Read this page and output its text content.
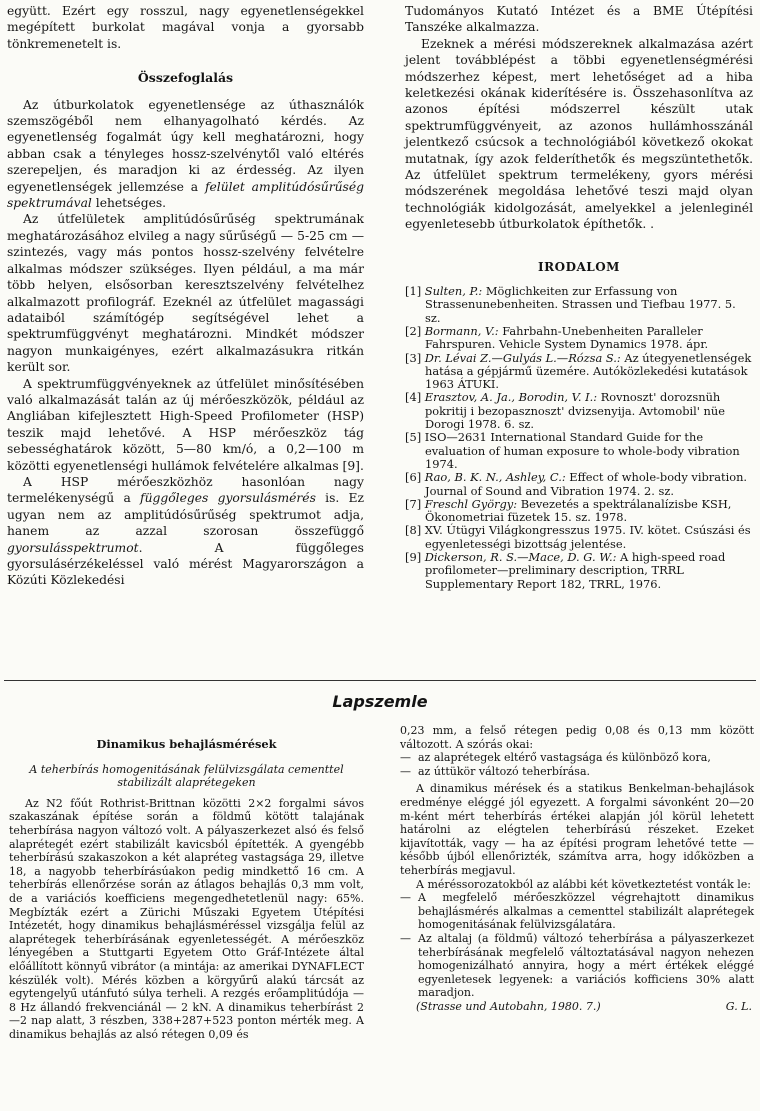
együtt. Ezért egy rosszul, nagy egyenetlenségekkel megépített burkolat magával vonja a gyorsabb tönkremenetelt is.

Összefoglalás

Az útburkolatok egyenetlensége az úthasználók szemszögéből nem elhanyagolható kérdés. Az egyenetlenség fogalmát úgy kell meghatározni, hogy abban csak a tényleges hossz-szelvénytől való eltérés szerepeljen, és maradjon ki az érdesség. Az ilyen egyenetlenségek jellemzése a felület amplitúdósűrűség spektrumával lehetséges.

Az útfelületek amplitúdósűrűség spektrumának meghatározásához elvileg a nagy sűrűségű — 5-25 cm — szintezés, vagy más pontos hossz-szelvény felvételre alkalmas módszer szükséges. Ilyen például, a ma már több helyen, elsősorban keresztszelvény felvételhez alkalmazott profilográf. Ezeknél az útfelület magassági adataiból számítógép segítségével lehet a spektrumfüggvényt meghatározni. Mindkét módszer nagyon munkaigényes, ezért alkalmazásukra ritkán került sor.

A spektrumfüggvényeknek az útfelület minősítésében való alkalmazását talán az új mérőeszközök, például az Angliában kifejlesztett High-Speed Profilometer (HSP) teszik majd lehetővé. A HSP mérőeszköz tág sebességhatárok között, 5—80 km/ó, a 0,2—100 m közötti egyenetlenségi hullámok felvételére alkalmas [9].

A HSP mérőeszközhöz hasonlóan nagy termelékenységű a függőleges gyorsulásmérés is. Ez ugyan nem az amplitúdósűrűség spektrumot adja, hanem az azzal szorosan összefüggő gyorsulásspektrumot. A függőleges gyorsulásérzékeléssel való mérést Magyarországon a Közúti Közlekedési

Tudományos Kutató Intézet és a BME Útépítési Tanszéke alkalmazza.

Ezeknek a mérési módszereknek alkalmazása azért jelent továbblépést a többi egyenetlenségmérési módszerhez képest, mert lehetőséget ad a hiba keletkezési okának kiderítésére is. Összehasonlítva az azonos építési módszerrel készült utak spektrumfüggvényeit, az azonos hullámhosszánál jelentkező csúcsok a technológiából következő okokat mutatnak, így azok felderíthetők és megszüntethetők. Az útfelület spektrum termelékeny, gyors mérési módszerének megoldása lehetővé teszi majd olyan technológiák kidolgozását, amelyekkel a jelenleginél egyenletesebb útburkolatok építhetők. .

IRODALOM
[1] Sulten, P.: Möglichkeiten zur Erfassung von Strassenunebenheiten. Strassen und Tiefbau 1977. 5. sz.
[2] Bormann, V.: Fahrbahn-Unebenheiten Paralleler Fahrspuren. Vehicle System Dynamics 1978. ápr.
[3] Dr. Lévai Z.—Gulyás L.—Rózsa S.: Az útegyenetlenségek hatása a gépjármű üzemére. Autóközlekedési kutatások 1963 ÁTUKI.
[4] Erasztov, A. Ja., Borodin, V. I.: Rovnoszt' dorozsnüh pokritij i bezopasznoszt' dvizsenyija. Avtomobil' nüe Dorogi 1978. 6. sz.
[5] ISO—2631 International Standard Guide for the evaluation of human exposure to whole-body vibration 1974.
[6] Rao, B. K. N., Ashley, C.: Effect of whole-body vibration. Journal of Sound and Vibration 1974. 2. sz.
[7] Freschl György: Bevezetés a spektrálanalízisbe KSH, Ökonometriai füzetek 15. sz. 1978.
[8] XV. Útügyi Világkongresszus 1975. IV. kötet. Csúszási és egyenletességi bizottság jelentése.
[9] Dickerson, R. S.—Mace, D. G. W.: A high-speed road profilometer—preliminary description, TRRL Supplementary Report 182, TRRL, 1976.
Lapszemle
Dinamikus behajlásmérések
A teherbírás homogenitásának felülvizsgálata cementtel stabilizált alaprétegeken

Az N2 főút Rothrist-Brittnan közötti 2×2 forgalmi sávos szakaszának építése során a földmű kötött talajának teherbírása nagyon változó volt. A pályaszerkezet alsó és felső alaprétegét ezért stabilizált kavicsból építették. A gyengébb teherbírású szakaszokon a két alapréteg vastagsága 29, illetve 18, a nagyobb teherbírásúakon pedig mindkettő 16 cm. A teherbírás ellenőrzése során az átlagos behajlás 0,3 mm volt, de a variációs koefficiens megengedhetetlenül nagy: 65%. Megbízták ezért a Zürichi Műszaki Egyetem Útépítési Intézetét, hogy dinamikus behajlásméréssel vizsgálja felül az alaprétegek teherbírásának egyenletességét. A mérőeszköz lényegében a Stuttgarti Egyetem Otto Gráf-Intézete által előállított könnyű vibrátor (a mintája: az amerikai DYNAFLECT készülék volt). Mérés közben a körgyűrű alakú tárcsát az egytengelyű utánfutó súlya terheli. A rezgés erőamplitúdója — 8 Hz állandó frekvenciánál — 2 kN. A dinamikus teherbírást 2—2 nap alatt, 3 részben, 338+287+523 ponton mérték meg. A dinamikus behajlás az alsó rétegen 0,09 és

0,23 mm, a felső rétegen pedig 0,08 és 0,13 mm között változott. A szórás okai:

— az alaprétegek eltérő vastagsága és különböző kora,

— az úttükör változó teherbírása.

A dinamikus mérések és a statikus Benkelman-behajlások eredménye eléggé jól egyezett. A forgalmi sávonként 20—20 m-ként mért teherbírás értékei alapján jól körül lehetett határolni az elégtelen teherbírású részeket. Ezeket kijavították, vagy — ha az építési program lehetővé tette — később újból ellenőrizték, számítva arra, hogy időközben a teherbírás megjavul.

A méréssorozatokból az alábbi két következtetést vonták le:

— A megfelelő mérőeszközzel végrehajtott dinamikus behajlásmérés alkalmas a cementtel stabilizált alaprétegek homogenitásának felülvizsgálatára.

— Az altalaj (a földmű) változó teherbírása a pályaszerkezet teherbírásának megfelelő változtatásával nagyon nehezen homogenizálható annyira, hogy a mért értékek eléggé egyenletesek legyenek: a variációs kofficiens 30% alatt maradjon.

(Strasse und Autobahn, 1980. 7.)	G. L.
